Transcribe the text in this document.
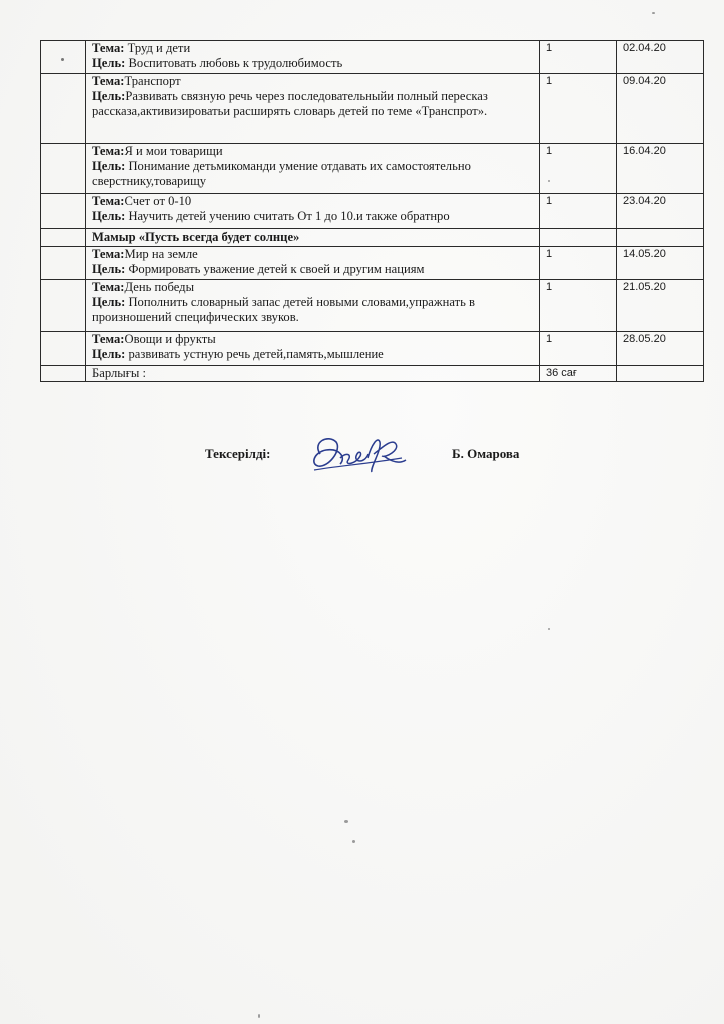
	Тема: Труд и дети
Цель: Воспитовать любовь к трудолюбимость	1	02.04.20
	Тема:Транспорт
Цель:Развивать связную речь через последовательныйи полный пересказ рассказа,активизироватьи расширять словарь детей по теме «Транспрот».	1	09.04.20
	Тема:Я и мои товарищи
Цель: Понимание детьмикоманди умение отдавать их самостоятельно сверстнику,товарищу	1	16.04.20
	Тема:Счет от 0-10
Цель: Научить детей учению считать От 1 до 10.и также обратнро	1	23.04.20
	Мамыр «Пусть всегда будет солнце»		
	Тема:Мир на земле
Цель: Формировать уважение детей к своей и другим нациям	1	14.05.20
	Тема:День победы
Цель: Пополнить словарный запас детей новыми словами,упражнать в произношений специфических звуков.	1	21.05.20
	Тема:Овощи и фрукты
Цель: развивать устную речь детей,память,мышление	1	28.05.20
	Барлығы :	36 сағ	
Тексерілді:	Б. Омарова
